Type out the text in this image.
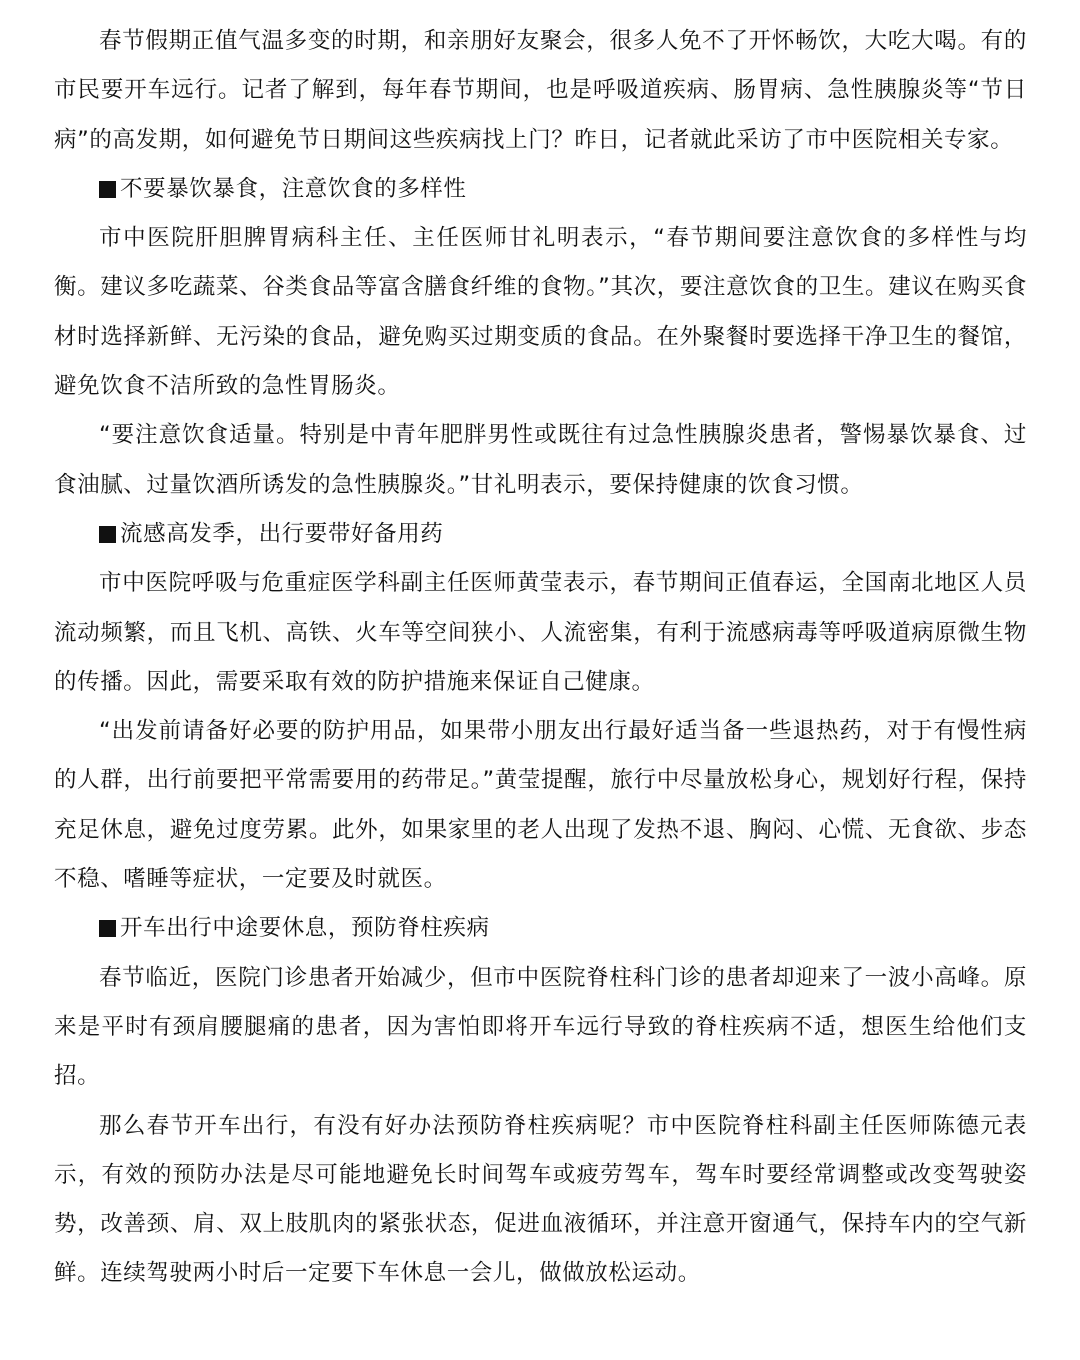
春节假期正值气温多变的时期，和亲朋好友聚会，很多人免不了开怀畅饮，大吃大喝。有的市民要开车远行。记者了解到，每年春节期间，也是呼吸道疾病、肠胃病、急性胰腺炎等“节日病”的高发期，如何避免节日期间这些疾病找上门？昨日，记者就此采访了市中医院相关专家。

不要暴饮暴食，注意饮食的多样性

市中医院肝胆脾胃病科主任、主任医师甘礼明表示，“春节期间要注意饮食的多样性与均衡。建议多吃蔬菜、谷类食品等富含膳食纤维的食物。”其次，要注意饮食的卫生。建议在购买食材时选择新鲜、无污染的食品，避免购买过期变质的食品。在外聚餐时要选择干净卫生的餐馆，避免饮食不洁所致的急性胃肠炎。

“要注意饮食适量。特别是中青年肥胖男性或既往有过急性胰腺炎患者，警惕暴饮暴食、过食油腻、过量饮酒所诱发的急性胰腺炎。”甘礼明表示，要保持健康的饮食习惯。

流感高发季，出行要带好备用药

市中医院呼吸与危重症医学科副主任医师黄莹表示，春节期间正值春运，全国南北地区人员流动频繁，而且飞机、高铁、火车等空间狭小、人流密集，有利于流感病毒等呼吸道病原微生物的传播。因此，需要采取有效的防护措施来保证自己健康。

“出发前请备好必要的防护用品，如果带小朋友出行最好适当备一些退热药，对于有慢性病的人群，出行前要把平常需要用的药带足。”黄莹提醒，旅行中尽量放松身心，规划好行程，保持充足休息，避免过度劳累。此外，如果家里的老人出现了发热不退、胸闷、心慌、无食欲、步态不稳、嗜睡等症状，一定要及时就医。

开车出行中途要休息，预防脊柱疾病

春节临近，医院门诊患者开始减少，但市中医院脊柱科门诊的患者却迎来了一波小高峰。原来是平时有颈肩腰腿痛的患者，因为害怕即将开车远行导致的脊柱疾病不适，想医生给他们支招。

那么春节开车出行，有没有好办法预防脊柱疾病呢？市中医院脊柱科副主任医师陈德元表示，有效的预防办法是尽可能地避免长时间驾车或疲劳驾车，驾车时要经常调整或改变驾驶姿势，改善颈、肩、双上肢肌肉的紧张状态，促进血液循环，并注意开窗通气，保持车内的空气新鲜。连续驾驶两小时后一定要下车休息一会儿，做做放松运动。
